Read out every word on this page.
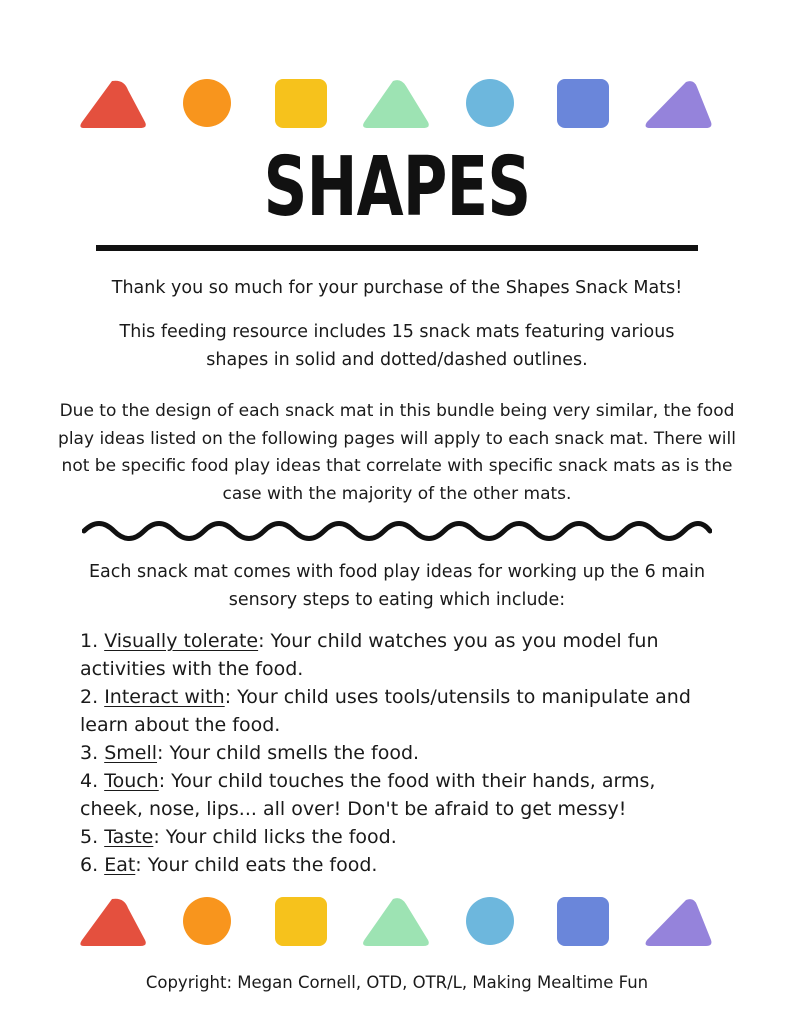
SHAPES
Thank you so much for your purchase of the Shapes Snack Mats!
This feeding resource includes 15 snack mats featuring various shapes in solid and dotted/dashed outlines.
Due to the design of each snack mat in this bundle being very similar, the food play ideas listed on the following pages will apply to each snack mat. There will not be specific food play ideas that correlate with specific snack mats as is the case with the majority of the other mats.
Each snack mat comes with food play ideas for working up the 6 main sensory steps to eating which include:

1. Visually tolerate: Your child watches you as you model fun activities with the food.

2. Interact with: Your child uses tools/utensils to manipulate and learn about the food.

3. Smell: Your child smells the food.

4. Touch: Your child touches the food with their hands, arms, cheek, nose, lips... all over! Don't be afraid to get messy!

5. Taste: Your child licks the food.

6. Eat: Your child eats the food.

Copyright: Megan Cornell, OTD, OTR/L, Making Mealtime Fun
